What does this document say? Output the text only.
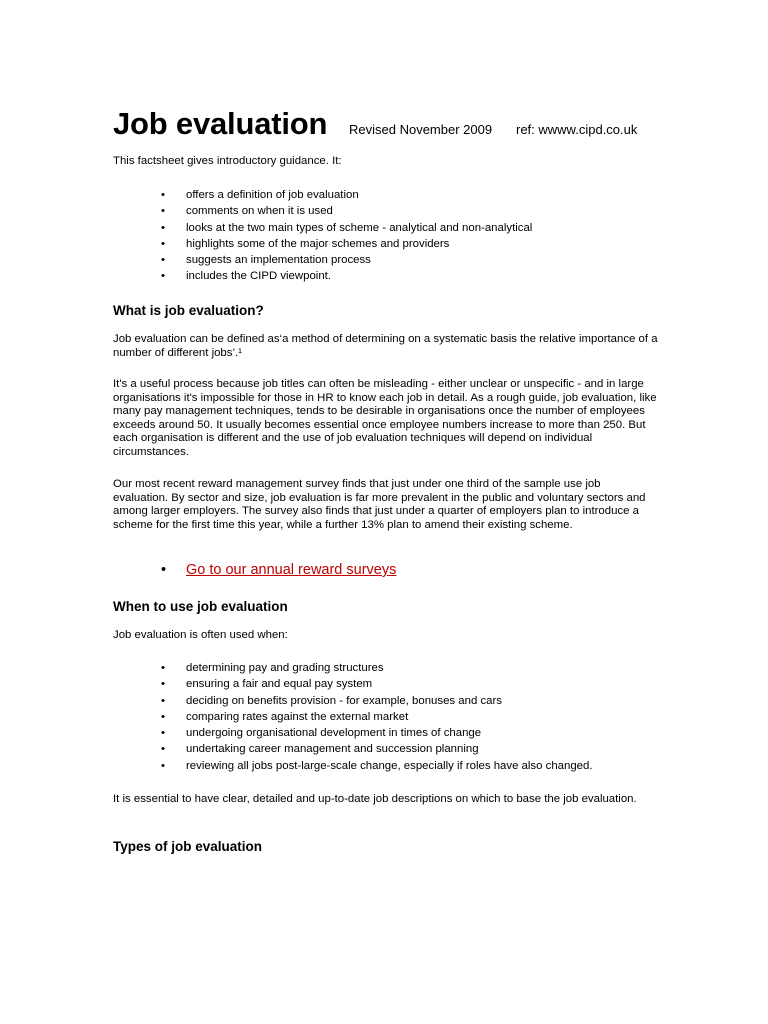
Job evaluation Revised November 2009 ref: wwww.cipd.co.uk
This factsheet gives introductory guidance. It:
• offers a definition of job evaluation
• comments on when it is used
• looks at the two main types of scheme - analytical and non-analytical
• highlights some of the major schemes and providers
• suggests an implementation process
• includes the CIPD viewpoint.
What is job evaluation?
Job evaluation can be defined as‘a method of determining on a systematic basis the relative importance of a number of different jobs’.¹
It's a useful process because job titles can often be misleading - either unclear or unspecific - and in large organisations it's impossible for those in HR to know each job in detail. As a rough guide, job evaluation, like many pay management techniques, tends to be desirable in organisations once the number of employees exceeds around 50. It usually becomes essential once employee numbers increase to more than 250. But each organisation is different and the use of job evaluation techniques will depend on individual circumstances.
Our most recent reward management survey finds that just under one third of the sample use job evaluation. By sector and size, job evaluation is far more prevalent in the public and voluntary sectors and among larger employers. The survey also finds that just under a quarter of employers plan to introduce a scheme for the first time this year, while a further 13% plan to amend their existing scheme.
• Go to our annual reward surveys
When to use job evaluation
Job evaluation is often used when:
• determining pay and grading structures
• ensuring a fair and equal pay system
• deciding on benefits provision - for example, bonuses and cars
• comparing rates against the external market
• undergoing organisational development in times of change
• undertaking career management and succession planning
• reviewing all jobs post-large-scale change, especially if roles have also changed.
It is essential to have clear, detailed and up-to-date job descriptions on which to base the job evaluation.
Types of job evaluation
